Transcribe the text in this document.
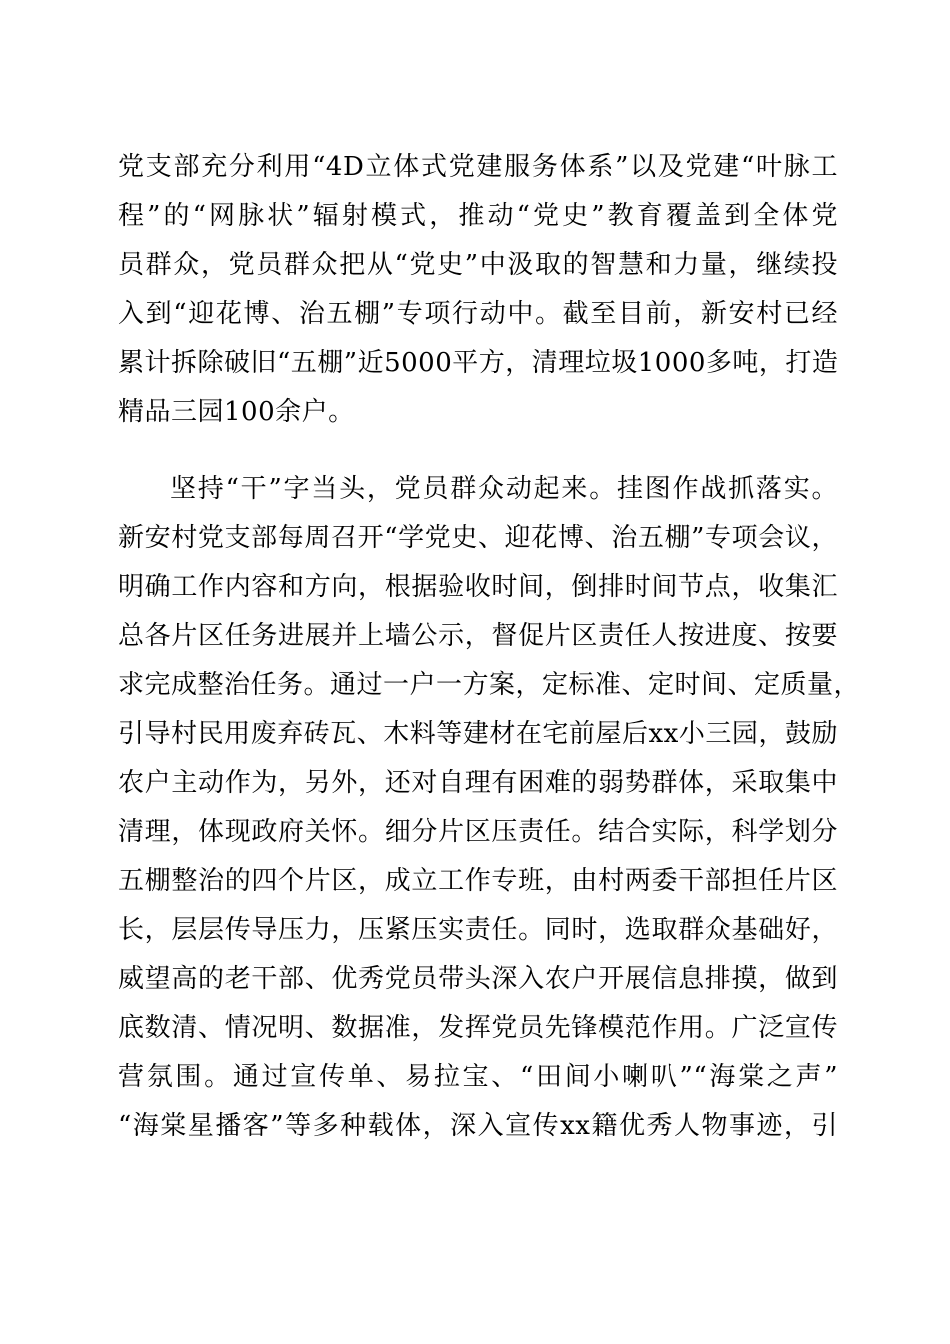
党支部充分利用“4D立体式党建服务体系”以及党建“叶脉工
程”的“网脉状”辐射模式，推动“党史”教育覆盖到全体党
员群众，党员群众把从“党史”中汲取的智慧和力量，继续投
入到“迎花博、治五棚”专项行动中。截至目前，新安村已经
累计拆除破旧“五棚”近5000平方，清理垃圾1000多吨，打造
精品三园100余户。
坚持“干”字当头，党员群众动起来。挂图作战抓落实。
新安村党支部每周召开“学党史、迎花博、治五棚”专项会议，
明确工作内容和方向，根据验收时间，倒排时间节点，收集汇
总各片区任务进展并上墙公示，督促片区责任人按进度、按要
求完成整治任务。通过一户一方案，定标准、定时间、定质量，
引导村民用废弃砖瓦、木料等建材在宅前屋后xx小三园，鼓励
农户主动作为，另外，还对自理有困难的弱势群体，采取集中
清理，体现政府关怀。细分片区压责任。结合实际，科学划分
五棚整治的四个片区，成立工作专班，由村两委干部担任片区
长，层层传导压力，压紧压实责任。同时，选取群众基础好，
威望高的老干部、优秀党员带头深入农户开展信息排摸，做到
底数清、情况明、数据准，发挥党员先锋模范作用。广泛宣传
营氛围。通过宣传单、易拉宝、“田间小喇叭”“海棠之声”
“海棠星播客”等多种载体，深入宣传xx籍优秀人物事迹，引
